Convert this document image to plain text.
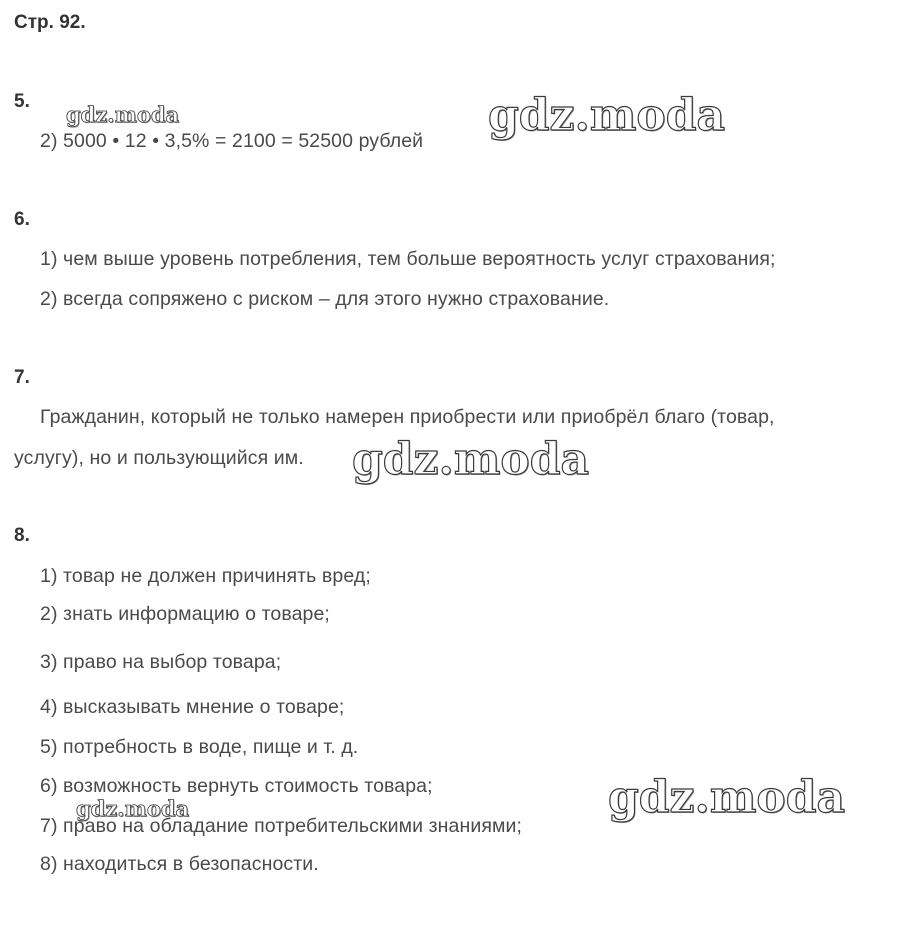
Стр. 92.
5.
2) 5000 • 12 • 3,5% = 2100 = 52500 рублей
6.
1) чем выше уровень потребления, тем больше вероятность услуг страхования;
2) всегда сопряжено с риском – для этого нужно страхование.
7.
Гражданин, который не только намерен приобрести или приобрёл благо (товар,
услугу), но и пользующийся им.
8.
1) товар не должен причинять вред;
2) знать информацию о товаре;
3) право на выбор товара;
4) высказывать мнение о товаре;
5) потребность в воде, пище и т. д.
6) возможность вернуть стоимость товара;
7) право на обладание потребительскими знаниями;
8) находиться в безопасности.
gdz.moda	gdz.moda
gdz.moda
gdz.moda	gdz.moda
